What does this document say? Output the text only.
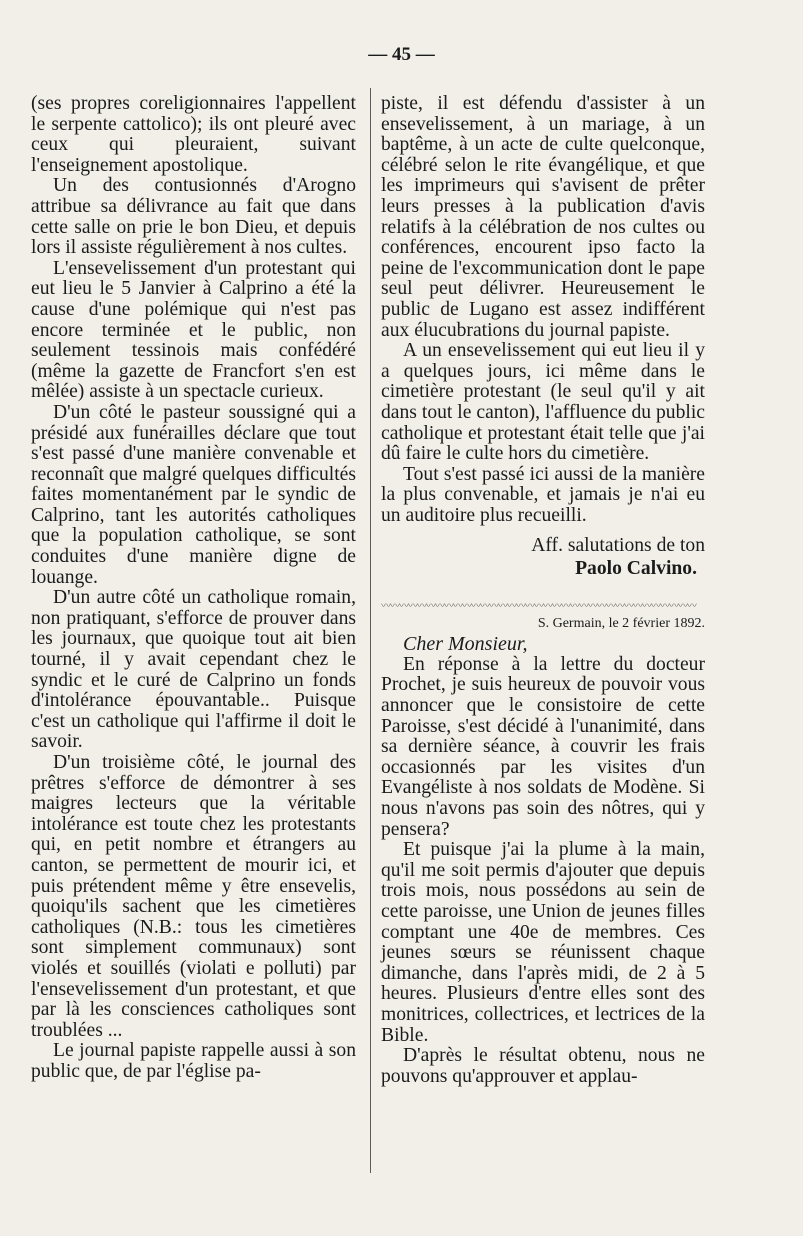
— 45 —

(ses propres coreligionnaires l'appellent le serpente cattolico); ils ont pleuré avec ceux qui pleuraient, suivant l'enseignement apostolique.

Un des contusionnés d'Arogno attribue sa délivrance au fait que dans cette salle on prie le bon Dieu, et depuis lors il assiste régulièrement à nos cultes.

L'ensevelissement d'un protestant qui eut lieu le 5 Janvier à Calprino a été la cause d'une polémique qui n'est pas encore terminée et le public, non seulement tessinois mais confédéré (même la gazette de Francfort s'en est mêlée) assiste à un spectacle curieux.

D'un côté le pasteur soussigné qui a présidé aux funérailles déclare que tout s'est passé d'une manière convenable et reconnaît que malgré quelques difficultés faites momentanément par le syndic de Calprino, tant les autorités catholiques que la population catholique, se sont conduites d'une manière digne de louange.

D'un autre côté un catholique romain, non pratiquant, s'efforce de prouver dans les journaux, que quoique tout ait bien tourné, il y avait cependant chez le syndic et le curé de Calprino un fonds d'intolérance épouvantable.. Puisque c'est un catholique qui l'affirme il doit le savoir.

D'un troisième côté, le journal des prêtres s'efforce de démontrer à ses maigres lecteurs que la véritable intolérance est toute chez les protestants qui, en petit nombre et étrangers au canton, se permettent de mourir ici, et puis prétendent même y être ensevelis, quoiqu'ils sachent que les cimetières catholiques (N.B.: tous les cimetières sont simplement communaux) sont violés et souillés (violati e polluti) par l'ensevelissement d'un protestant, et que par là les consciences catholiques sont troublées ...

Le journal papiste rappelle aussi à son public que, de par l'église pa-

piste, il est défendu d'assister à un ensevelissement, à un mariage, à un baptême, à un acte de culte quelconque, célébré selon le rite évangélique, et que les imprimeurs qui s'avisent de prêter leurs presses à la publication d'avis relatifs à la célébration de nos cultes ou conférences, encourent ipso facto la peine de l'excommunication dont le pape seul peut délivrer. Heureusement le public de Lugano est assez indifférent aux élucubrations du journal papiste.

A un ensevelissement qui eut lieu il y a quelques jours, ici même dans le cimetière protestant (le seul qu'il y ait dans tout le canton), l'affluence du public catholique et protestant était telle que j'ai dû faire le culte hors du cimetière.

Tout s'est passé ici aussi de la manière la plus convenable, et jamais je n'ai eu un auditoire plus recueilli.

Aff. salutations de ton

Paolo Calvino.

〰〰〰〰〰〰〰〰〰〰〰〰〰〰〰〰〰〰〰〰〰〰〰〰〰〰〰〰〰〰〰〰〰〰〰

S. Germain, le 2 février 1892.

Cher Monsieur,

En réponse à la lettre du docteur Prochet, je suis heureux de pouvoir vous annoncer que le consistoire de cette Paroisse, s'est décidé à l'unanimité, dans sa dernière séance, à couvrir les frais occasionnés par les visites d'un Evangéliste à nos soldats de Modène. Si nous n'avons pas soin des nôtres, qui y pensera?

Et puisque j'ai la plume à la main, qu'il me soit permis d'ajouter que depuis trois mois, nous possédons au sein de cette paroisse, une Union de jeunes filles comptant une 40e de membres. Ces jeunes sœurs se réunissent chaque dimanche, dans l'après midi, de 2 à 5 heures. Plusieurs d'entre elles sont des monitrices, collectrices, et lectrices de la Bible.

D'après le résultat obtenu, nous ne pouvons qu'approuver et applau-
